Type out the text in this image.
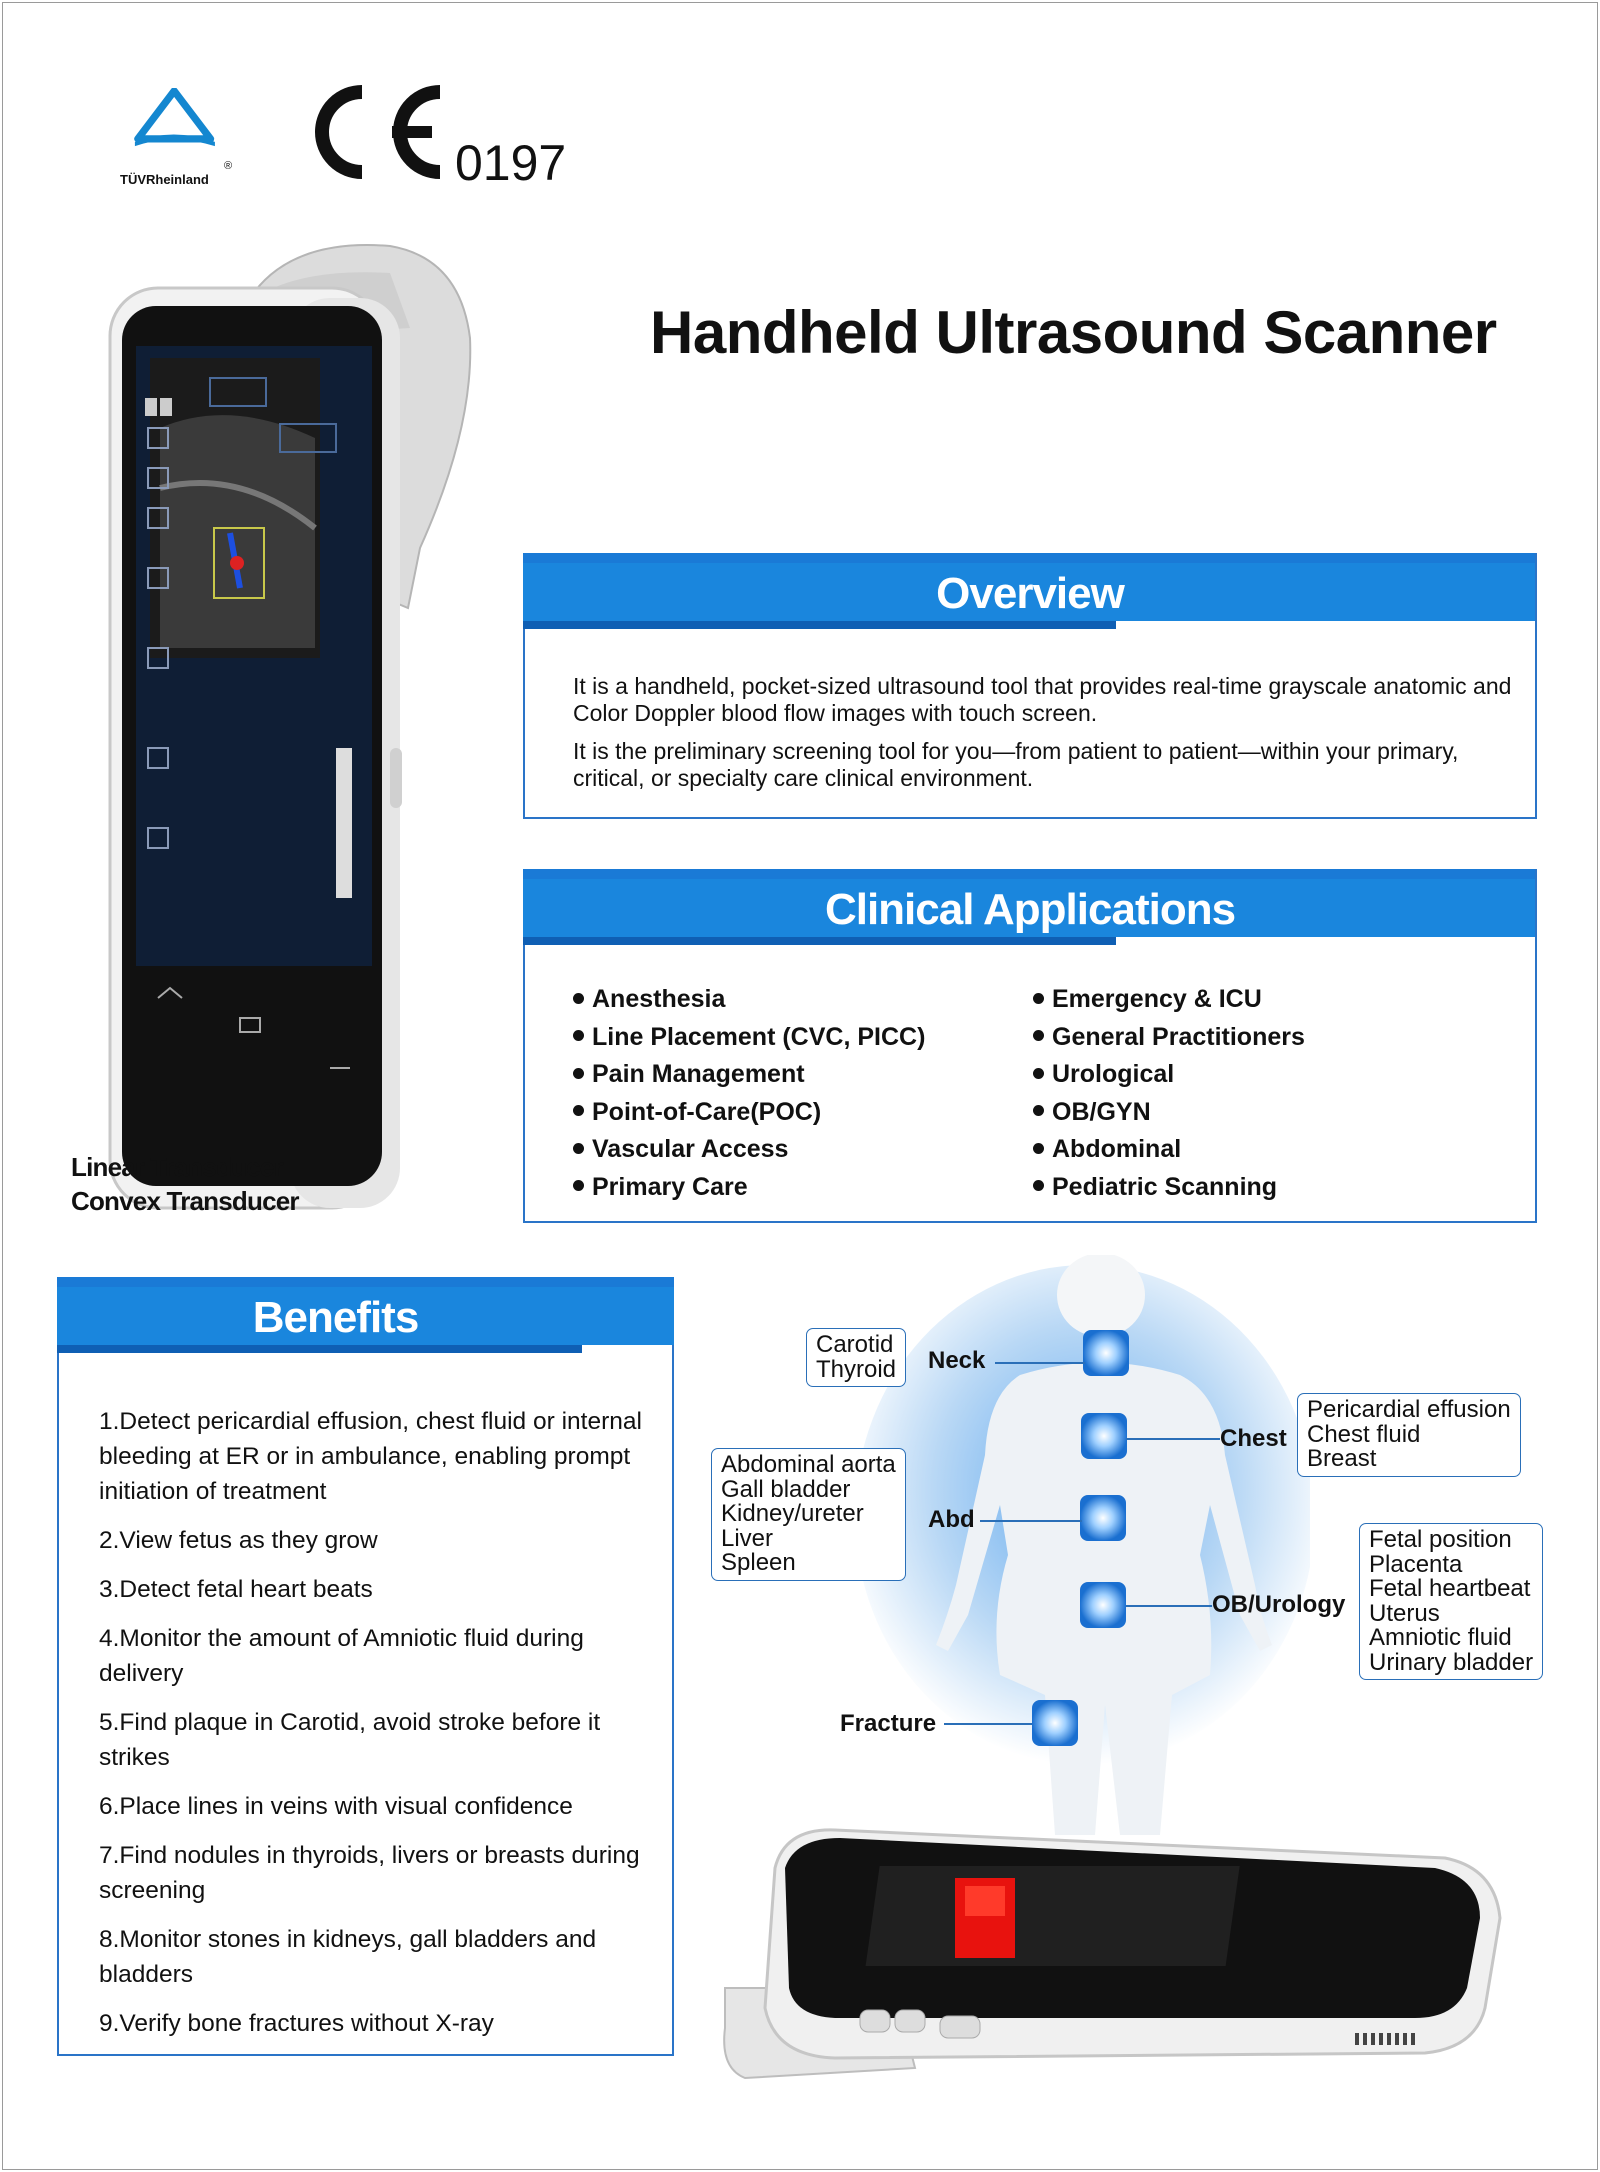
TÜVRheinland
®	0197
Handheld Ultrasound Scanner
Linear Transducer
Convex Transducer
Overview

It is a handheld, pocket-sized ultrasound tool that provides real-time grayscale anatomic and Color Doppler blood flow images with touch screen.

It is the preliminary screening tool for you—from patient to patient—within your primary, critical, or specialty care clinical environment.

Clinical Applications
Anesthesia
Line Placement (CVC, PICC)
Pain Management
Point-of-Care(POC)
Vascular Access
Primary Care
Emergency & ICU
General Practitioners
Urological
OB/GYN
Abdominal
Pediatric Scanning
Benefits
1.Detect pericardial effusion, chest fluid or internal bleeding at ER or in ambulance, enabling prompt initiation of treatment
2.View fetus as they grow
3.Detect fetal heart beats
4.Monitor the amount of Amniotic fluid during delivery
5.Find plaque in Carotid, avoid stroke before it strikes
6.Place lines in veins with visual confidence
7.Find nodules in thyroids, livers or breasts during screening
8.Monitor stones in kidneys, gall bladders and bladders
9.Verify bone fractures without X-ray
Carotid
Thyroid Neck
Pericardial effusion
Chest fluid
Breast
Chest
Abdominal aorta
Gall bladder
Kidney/ureter
Liver
Spleen
Abd
Fetal position
Placenta
Fetal heartbeat
Uterus
Amniotic fluid
Urinary bladder
OB/Urology
Fracture
